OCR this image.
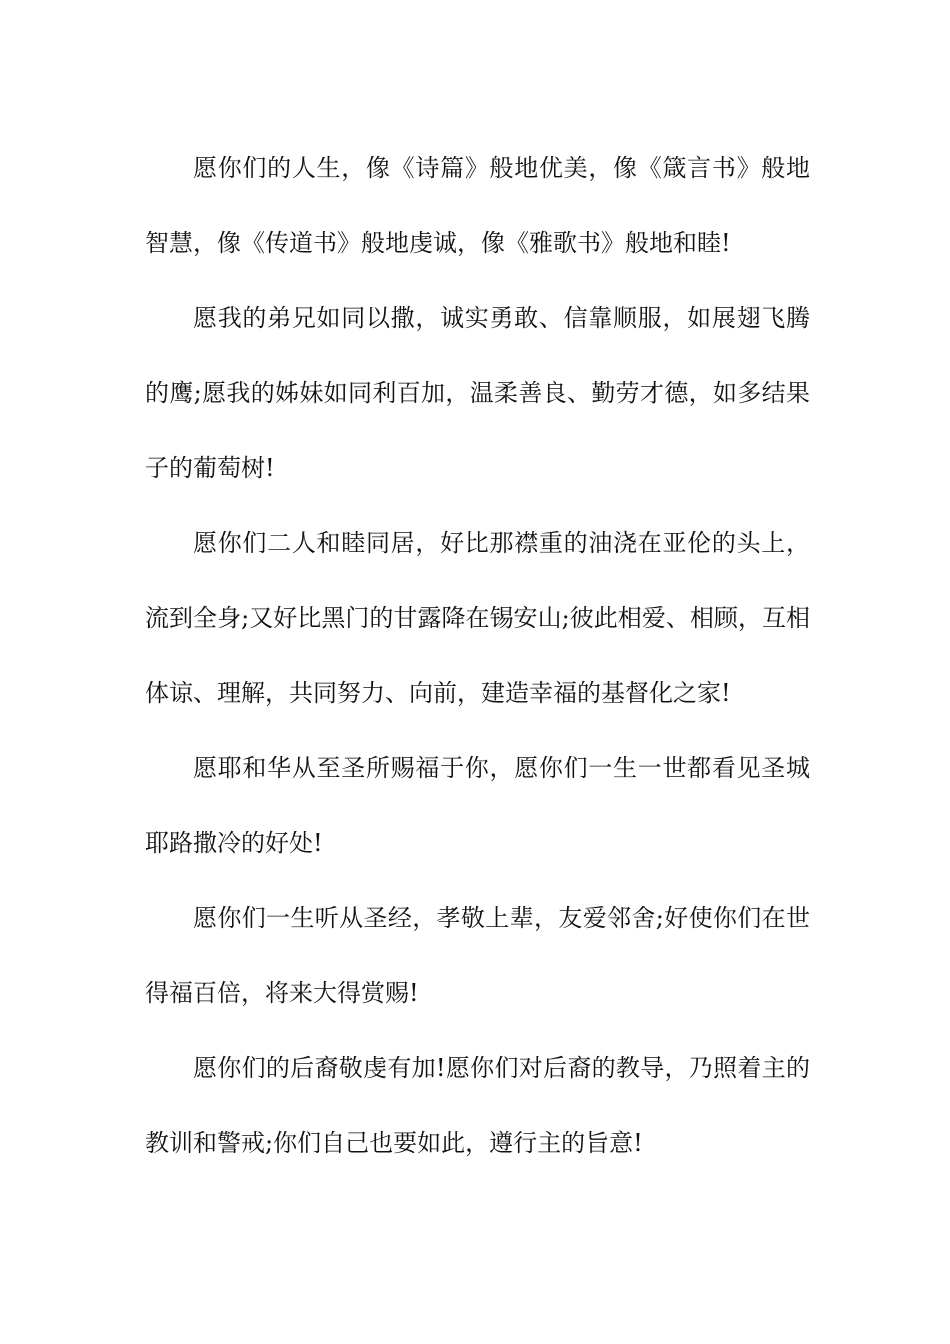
愿你们的人生，像《诗篇》般地优美，像《箴言书》般地智慧，像《传道书》般地虔诚，像《雅歌书》般地和睦!

愿我的弟兄如同以撒，诚实勇敢、信靠顺服，如展翅飞腾的鹰;愿我的姊妹如同利百加，温柔善良、勤劳才德，如多结果子的葡萄树!

愿你们二人和睦同居，好比那襟重的油浇在亚伦的头上，流到全身;又好比黑门的甘露降在锡安山;彼此相爱、相顾，互相体谅、理解，共同努力、向前，建造幸福的基督化之家!

愿耶和华从至圣所赐福于你，愿你们一生一世都看见圣城耶路撒冷的好处!

愿你们一生听从圣经，孝敬上辈，友爱邻舍;好使你们在世得福百倍，将来大得赏赐!

愿你们的后裔敬虔有加!愿你们对后裔的教导，乃照着主的教训和警戒;你们自己也要如此，遵行主的旨意!
